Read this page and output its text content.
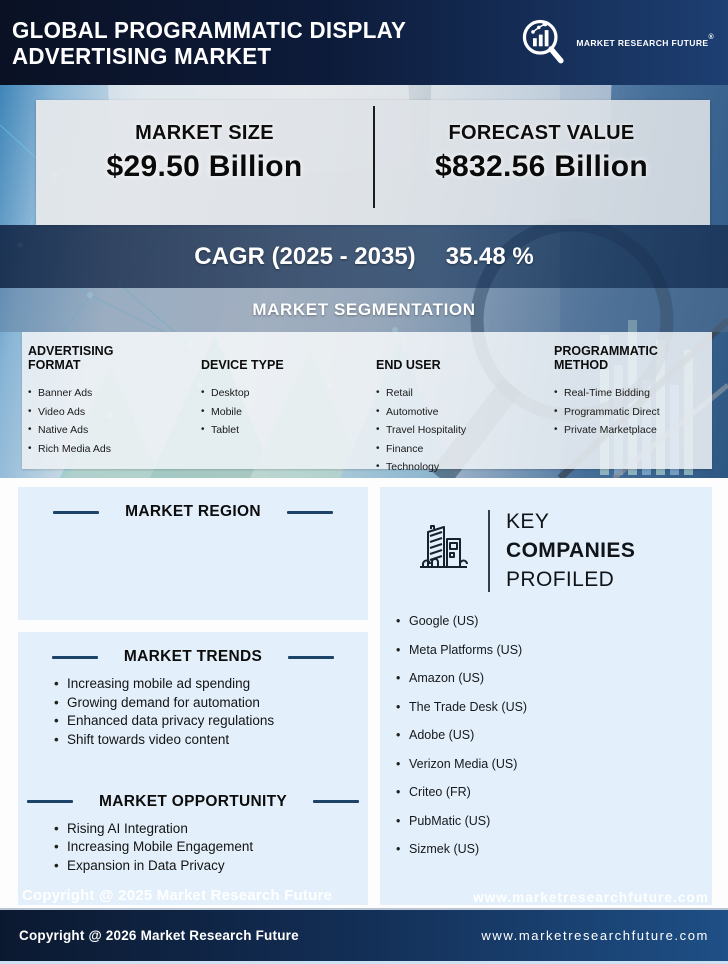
GLOBAL PROGRAMMATIC DISPLAY
ADVERTISING MARKET	MARKET RESEARCH FUTURE®
MARKET SIZE
$29.50 Billion
FORECAST VALUE
$832.56 Billion
CAGR (2025 - 2035) 35.48 %
MARKET SEGMENTATION
ADVERTISING FORMAT
• Banner Ads
• Video Ads
• Native Ads
• Rich Media Ads
DEVICE TYPE
• Desktop
• Mobile
• Tablet
END USER
• Retail
• Automotive
• Travel Hospitality
• Finance
• Technology
PROGRAMMATIC METHOD
• Real-Time Bidding
• Programmatic Direct
• Private Marketplace
MARKET REGION
MARKET TRENDS
• Increasing mobile ad spending
• Growing demand for automation
• Enhanced data privacy regulations
• Shift towards video content
MARKET OPPORTUNITY
• Rising AI Integration
• Increasing Mobile Engagement
• Expansion in Data Privacy
KEY
COMPANIES
PROFILED
• Google (US)
• Meta Platforms (US)
• Amazon (US)
• The Trade Desk (US)
• Adobe (US)
• Verizon Media (US)
• Criteo (FR)
• PubMatic (US)
• Sizmek (US)
Copyright @ 2025 Market Research Future	www.marketresearchfuture.com
Copyright @ 2026 Market Research Future	www.marketresearchfuture.com
